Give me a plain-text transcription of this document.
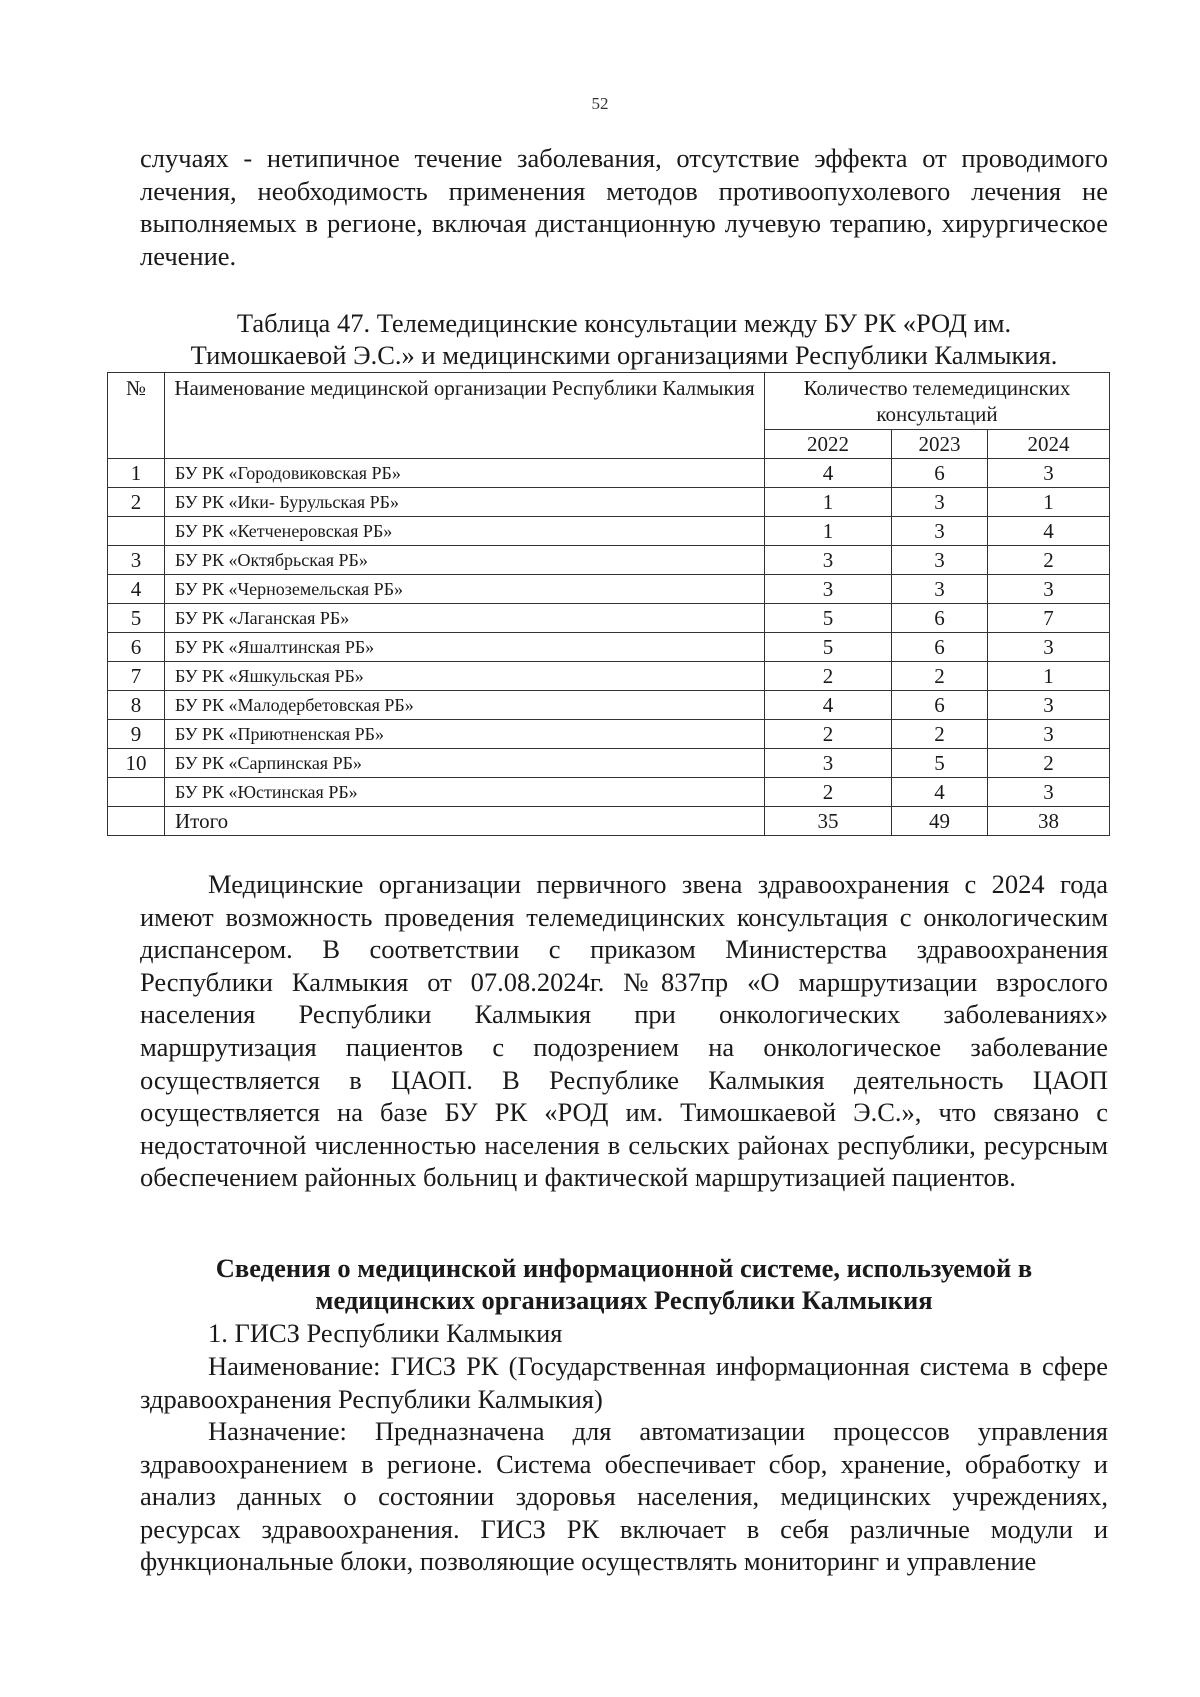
52
случаях - нетипичное течение заболевания, отсутствие эффекта от проводимого лечения, необходимость применения методов противоопухолевого лечения не выполняемых в регионе, включая дистанционную лучевую терапию, хирургическое лечение.
Таблица 47. Телемедицинские консультации между БУ РК «РОД им.
Тимошкаевой Э.С.» и медицинскими организациями Республики Калмыкия.
№	Наименование медицинской организации Республики Калмыкия	Количество телемедицинских консультаций		
		2022	2023	2024
1	БУ РК «Городовиковская РБ»	4	6	3
2	БУ РК «Ики- Бурульская РБ»	1	3	1
	БУ РК «Кетченеровская РБ»	1	3	4
3	БУ РК «Октябрьская РБ»	3	3	2
4	БУ РК «Черноземельская РБ»	3	3	3
5	БУ РК «Лаганская РБ»	5	6	7
6	БУ РК «Яшалтинская РБ»	5	6	3
7	БУ РК «Яшкульская РБ»	2	2	1
8	БУ РК «Малодербетовская РБ»	4	6	3
9	БУ РК «Приютненская РБ»	2	2	3
10	БУ РК «Сарпинская РБ»	3	5	2
	БУ РК «Юстинская РБ»	2	4	3
	Итого	35	49	38
Медицинские организации первичного звена здравоохранения с 2024 года имеют возможность проведения телемедицинских консультация с онкологическим диспансером. В соответствии с приказом Министерства здравоохранения Республики Калмыкия от 07.08.2024г. №837пр «О маршрутизации взрослого населения Республики Калмыкия при онкологических заболеваниях» маршрутизация пациентов с подозрением на онкологическое заболевание осуществляется в ЦАОП. В Республике Калмыкия деятельность ЦАОП осуществляется на базе БУ РК «РОД им. Тимошкаевой Э.С.», что связано с недостаточной численностью населения в сельских районах республики, ресурсным обеспечением районных больниц и фактической маршрутизацией пациентов.
Сведения о медицинской информационной системе, используемой в
медицинских организациях Республики Калмыкия
1. ГИСЗ Республики Калмыкия
Наименование: ГИСЗ РК (Государственная информационная система в сфере здравоохранения Республики Калмыкия)
Назначение: Предназначена для автоматизации процессов управления здравоохранением в регионе. Система обеспечивает сбор, хранение, обработку и анализ данных о состоянии здоровья населения, медицинских учреждениях, ресурсах здравоохранения. ГИСЗ РК включает в себя различные модули и функциональные блоки, позволяющие осуществлять мониторинг и управление
